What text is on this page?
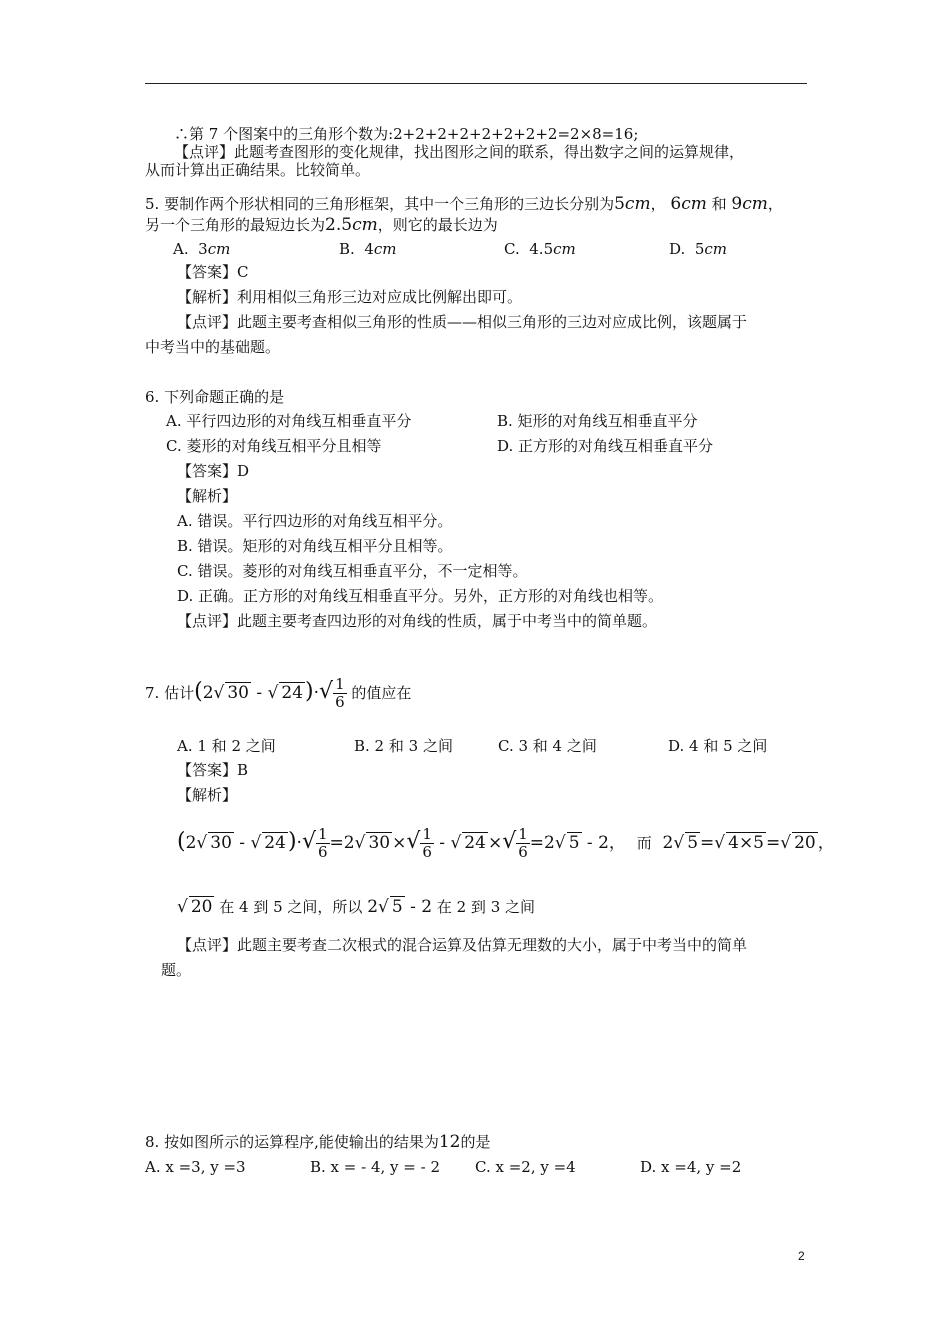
∴第 7 个图案中的三角形个数为:2+2+2+2+2+2+2+2=2×8=16;
【点评】此题考查图形的变化规律，找出图形之间的联系，得出数字之间的运算规律，
从而计算出正确结果。比较简单。
5. 要制作两个形状相同的三角形框架，其中一个三角形的三边长分别为5cm， 6cm 和 9cm，
另一个三角形的最短边长为2.5cm，则它的最长边为
A. 3cm	B. 4cm	C. 4.5cm	D. 5cm
【答案】C
【解析】利用相似三角形三边对应成比例解出即可。
【点评】此题主要考查相似三角形的性质——相似三角形的三边对应成比例，该题属于
中考当中的基础题。
6. 下列命题正确的是
A. 平行四边形的对角线互相垂直平分	B. 矩形的对角线互相垂直平分
C. 菱形的对角线互相平分且相等	D. 正方形的对角线互相垂直平分
【答案】D
【解析】
A. 错误。平行四边形的对角线互相平分。
B. 错误。矩形的对角线互相平分且相等。
C. 错误。菱形的对角线互相垂直平分，不一定相等。
D. 正确。正方形的对角线互相垂直平分。另外，正方形的对角线也相等。
【点评】此题主要考查四边形的对角线的性质，属于中考当中的简单题。
7. 估计(2√ 30 - √ $24)\cdot√ \frac{1}{6}$ 的值应在
A. 1 和 2 之间	B. 2 和 3 之间	C. 3 和 4 之间	D. 4 和 5 之间
【答案】B
【解析】
(2√ 30 - √ $24)\cdot√ \frac{1}{6} =2√$ 30 ×√ $\frac{1}{6}$ - √ 24 ×√ $\frac{1}{6} =2√$ 5 - 2，  而 2√ 5 =√ 4×5 =√ 20 ，
√ 20 在 4 到 5 之间，所以 2√ 5 - 2 在 2 到 3 之间
【点评】此题主要考查二次根式的混合运算及估算无理数的大小，属于中考当中的简单
题。
8. 按如图所示的运算程序,能使输出的结果为12的是
A. x =3, y =3	B. x = - 4, y = - 2 C. x =2, y =4	D. x =4, y =2
2
